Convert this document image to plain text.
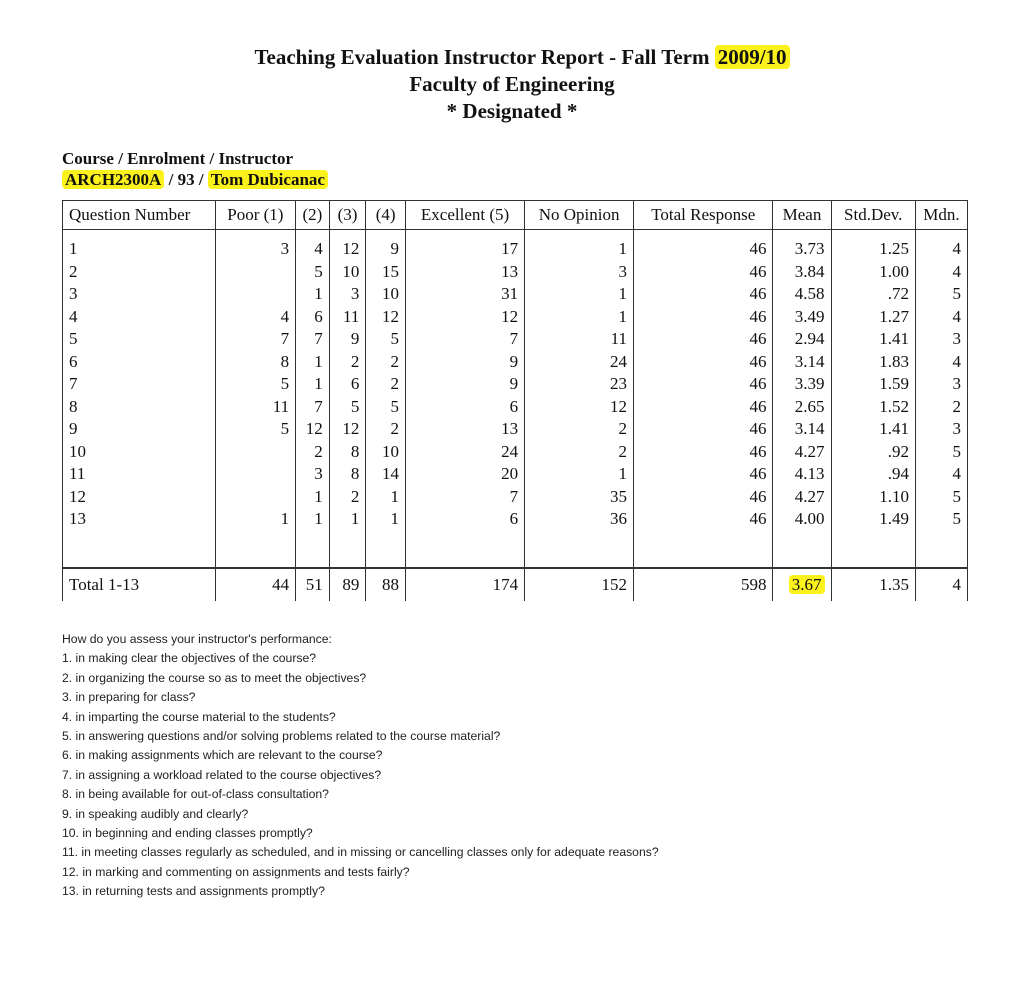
Teaching Evaluation Instructor Report - Fall Term 2009/10
Faculty of Engineering
* Designated *
Course / Enrolment / Instructor
ARCH2300A / 93 / Tom Dubicanac
Question Number	Poor (1)	(2)	(3)	(4)	Excellent (5)	No Opinion	Total Response	Mean	Std.Dev.	Mdn.
1	3	4	12	9	17	1	46	3.73	1.25	4
2		5	10	15	13	3	46	3.84	1.00	4
3		1	3	10	31	1	46	4.58	.72	5
4	4	6	11	12	12	1	46	3.49	1.27	4
5	7	7	9	5	7	11	46	2.94	1.41	3
6	8	1	2	2	9	24	46	3.14	1.83	4
7	5	1	6	2	9	23	46	3.39	1.59	3
8	11	7	5	5	6	12	46	2.65	1.52	2
9	5	12	12	2	13	2	46	3.14	1.41	3
10		2	8	10	24	2	46	4.27	.92	5
11		3	8	14	20	1	46	4.13	.94	4
12		1	2	1	7	35	46	4.27	1.10	5
13	1	1	1	1	6	36	46	4.00	1.49	5

Total 1-13	44	51	89	88	174	152	598	3.67	1.35	4
How do you assess your instructor's performance:
1. in making clear the objectives of the course?
2. in organizing the course so as to meet the objectives?
3. in preparing for class?
4. in imparting the course material to the students?
5. in answering questions and/or solving problems related to the course material?
6. in making assignments which are relevant to the course?
7. in assigning a workload related to the course objectives?
8. in being available for out-of-class consultation?
9. in speaking audibly and clearly?
10. in beginning and ending classes promptly?
11. in meeting classes regularly as scheduled, and in missing or cancelling classes only for adequate reasons?
12. in marking and commenting on assignments and tests fairly?
13. in returning tests and assignments promptly?
